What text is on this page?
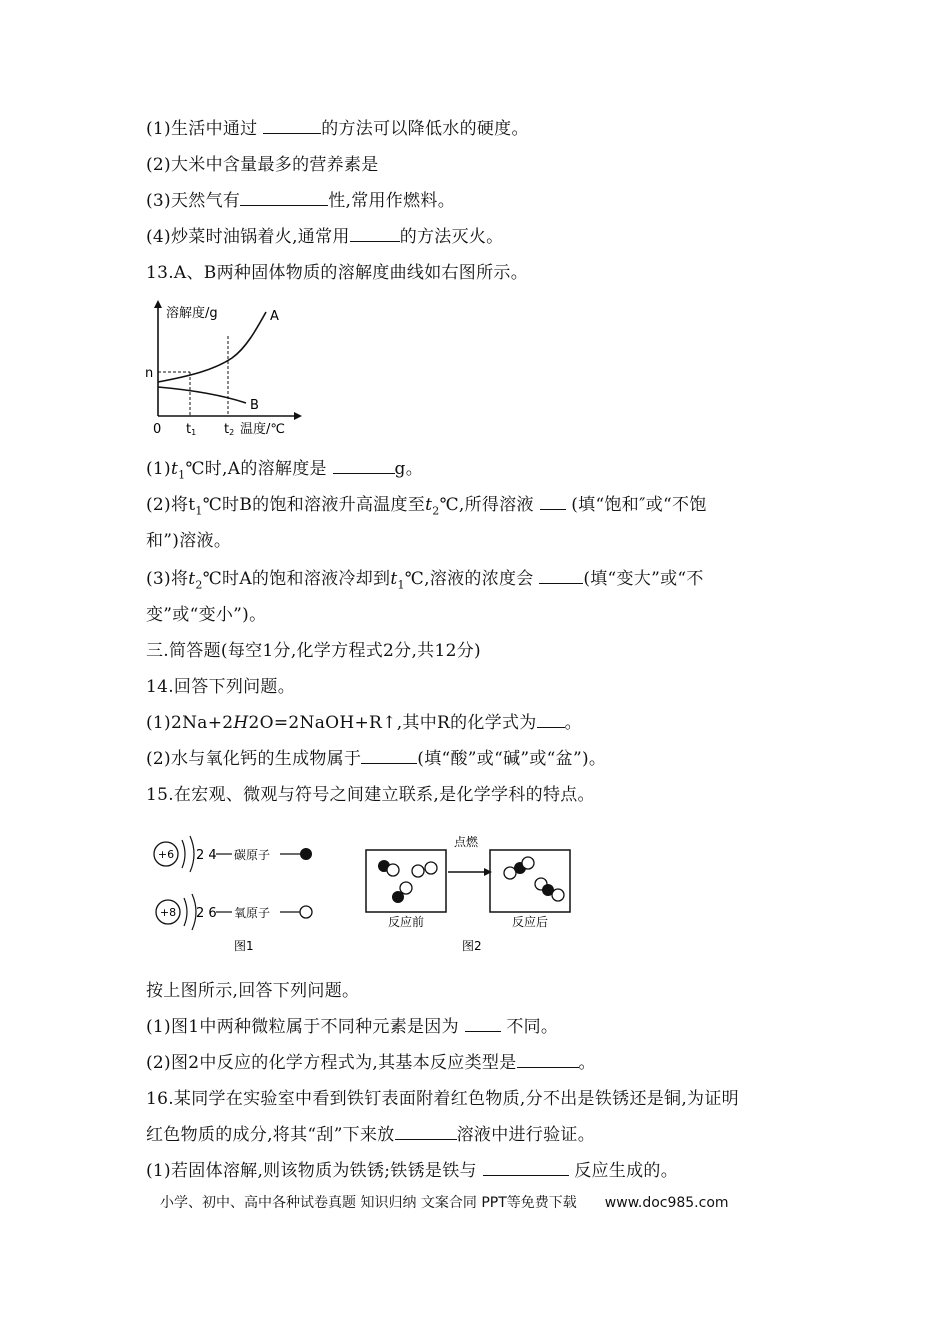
(1)生活中通过	的方法可以降低水的硬度。
(2)大米中含量最多的营养素是
(3)天然气有	性,常用作燃料。
(4)炒菜时油锅着火,通常用	的方法灭火。
13.A、B两种固体物质的溶解度曲线如右图所示。
溶解度/g	A
B
n
0 t1 t2 温度/℃
$(1)t_1℃$时,A的溶解度是	g。
(2)将$t_1℃$时B的饱和溶液升高温度至$t_2℃$,所得溶液  (填“饱和″或“不饱
和”)溶液。
(3)将$t_2℃$时A的饱和溶液冷却到$t_1℃$,溶液的浓度会	(填“变大”或“不
变”或“变小”)。
三.简答题(每空1分,化学方程式2分,共12分)
14.回答下列问题。
(1)2Na+2H2O=2NaOH+R↑,其中R的化学式为 。
(2)水与氧化钙的生成物属于	(填“酸”或“碱”或“盆”)。
15.在宏观、微观与符号之间建立联系,是化学学科的特点。
+6 2 4 碳原子
+8 2 6 氧原子
图1
反应前
点燃
反应后
图2
按上图所示,回答下列问题。
(1)图1中两种微粒属于不同种元素是因为  不同。
(2)图2中反应的化学方程式为,其基本反应类型是	。
16.某同学在实验室中看到铁钉表面附着红色物质,分不出是铁锈还是铜,为证明
红色物质的成分,将其“刮”下来放	溶液中进行验证。
(1)若固体溶解,则该物质为铁锈;铁锈是铁与	反应生成的。
小学、初中、高中各种试卷真题 知识归纳 文案合同 PPT等免费下载 www.doc985.com
